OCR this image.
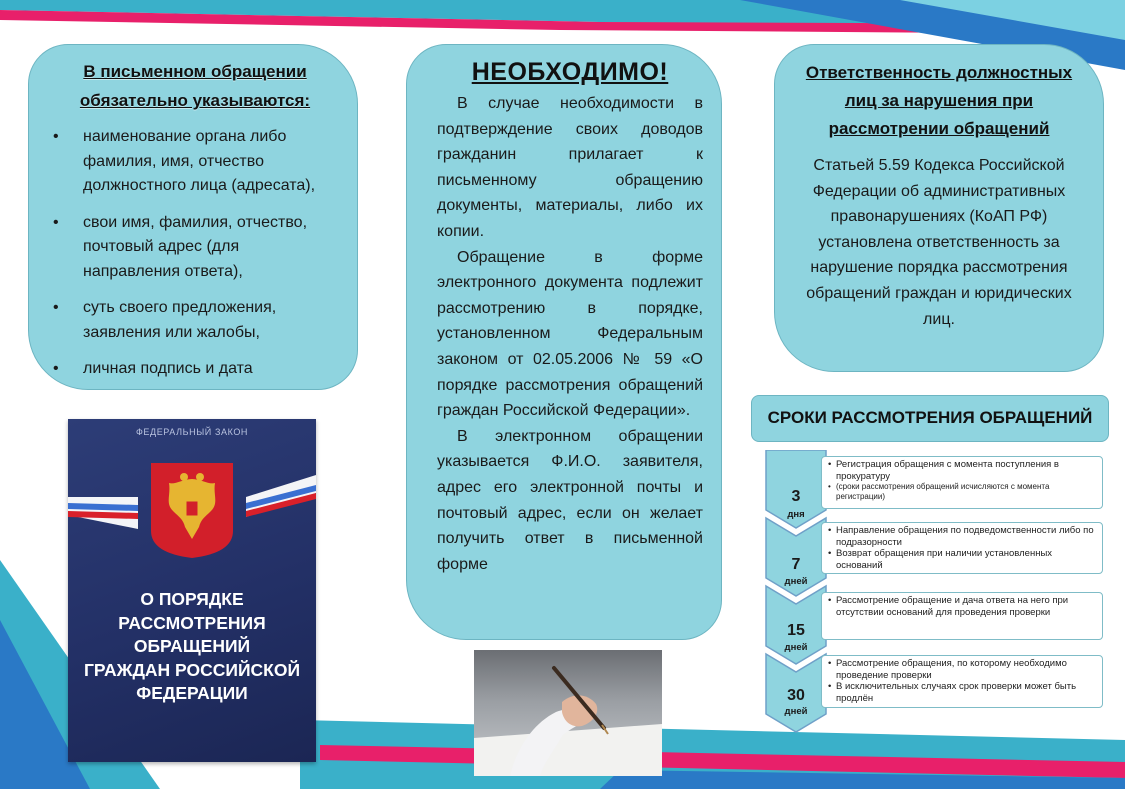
В письменном обращении
обязательно указываются:
• наименование органа либо фамилия, имя, отчество должностного лица (адресата),
• свои имя, фамилия, отчество, почтовый адрес (для направления ответа),
• суть своего предложения, заявления или жалобы,
• личная подпись и дата
ФЕДЕРАЛЬНЫЙ ЗАКОН
О ПОРЯДКЕ
РАССМОТРЕНИЯ ОБРАЩЕНИЙ
ГРАЖДАН РОССИЙСКОЙ
ФЕДЕРАЦИИ
НЕОБХОДИМО!

В случае необходимости в подтверждение своих доводов гражданин прилагает к письменному обращению документы, материалы, либо их копии.

Обращение в форме электронного документа подлежит рассмотрению в порядке, установленном Федеральным законом от 02.05.2006 № 59 «О порядке рассмотрения обращений граждан Российской Федерации».

В электронном обращении указывается Ф.И.О. заявителя, адрес его электронной почты и почтовый адрес, если он желает получить ответ в письменной форме

Ответственность должностных
лиц за нарушения при
рассмотрении обращений

Статьей 5.59 Кодекса Российской Федерации об административных правонарушениях (КоАП РФ) установлена ответственность за нарушение порядка рассмотрения обращений граждан и юридических лиц.

СРОКИ РАССМОТРЕНИЯ ОБРАЩЕНИЙ
3
дня
7
дней
15
дней
30
дней
• Регистрация обращения с момента поступления в прокуратуру
• (сроки рассмотрения обращений исчисляются с момента регистрации)
• Направление обращения по подведомственности либо по подразорности
• Возврат обращения при наличии установленных оснований
• Рассмотрение обращение и дача ответа на него при отсутствии оснований для проведения проверки
• Рассмотрение обращения, по которому необходимо проведение проверки
• В исключительных случаях срок проверки может быть продлён
